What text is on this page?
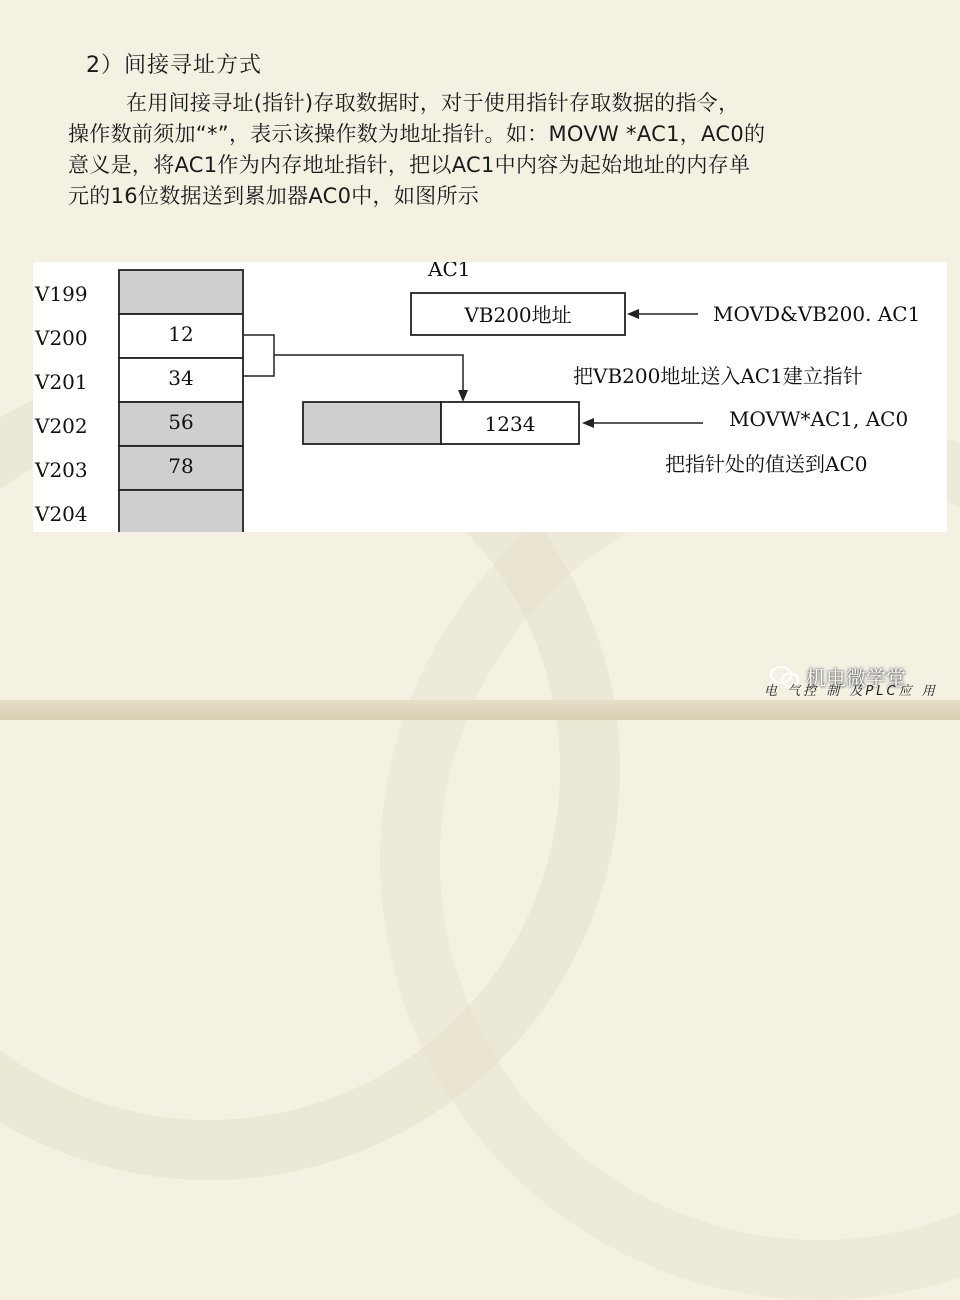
2）间接寻址方式
在用间接寻址(指针)存取数据时，对于使用指针存取数据的指令，
操作数前须加“*”，表示该操作数为地址指针。如：MOVW *AC1，AC0的
意义是，将AC1作为内存地址指针，把以AC1中内容为起始地址的内存单
元的16位数据送到累加器AC0中，如图所示
V199
V200	12
V201	34
V202	56
V203	78
V204
AC1
VB200地址	MOVD&VB200. AC1
把VB200地址送入AC1建立指针
1234	MOVW*AC1, AC0
把指针处的值送到AC0
机电微学堂
电 气控 制 及PLC应 用
